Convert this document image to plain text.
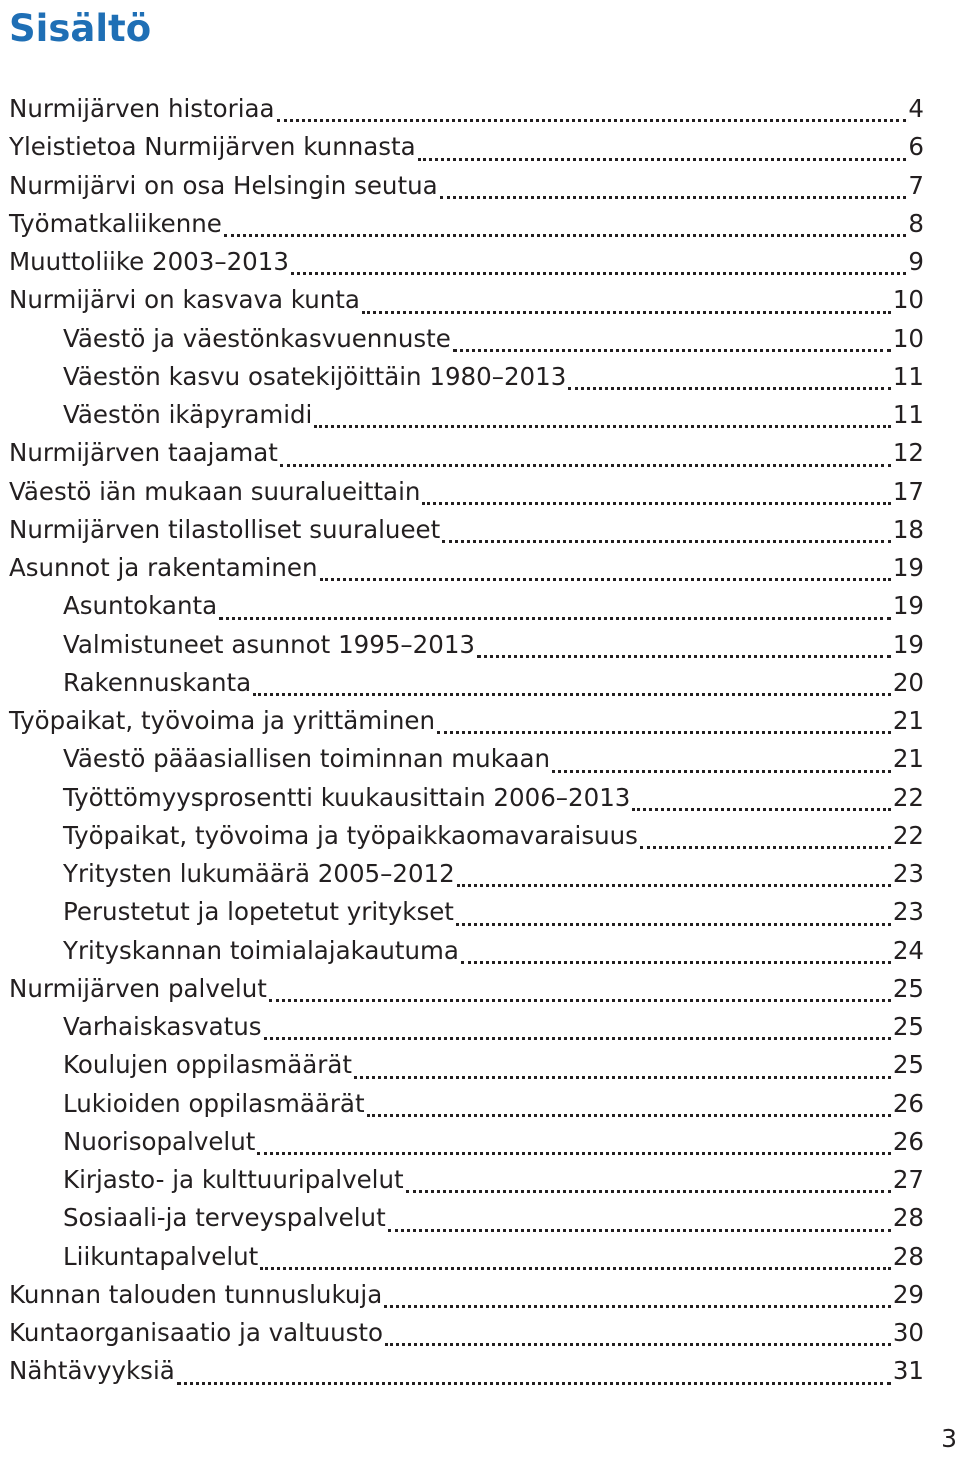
Sisältö
Nurmijärven historiaa	4
Yleistietoa Nurmijärven kunnasta	6
Nurmijärvi on osa Helsingin seutua	7
Työmatkaliikenne	8
Muuttoliike 2003–2013	9
Nurmijärvi on kasvava kunta	10
Väestö ja väestönkasvuennuste	10
Väestön kasvu osatekijöittäin 1980–2013	11
Väestön ikäpyramidi	11
Nurmijärven taajamat	12
Väestö iän mukaan suuralueittain	17
Nurmijärven tilastolliset suuralueet	18
Asunnot ja rakentaminen	19
Asuntokanta	19
Valmistuneet asunnot 1995–2013	19
Rakennuskanta	20
Työpaikat, työvoima ja yrittäminen	21
Väestö pääasiallisen toiminnan mukaan	21
Työttömyysprosentti kuukausittain 2006–2013	22
Työpaikat, työvoima ja työpaikkaomavaraisuus	22
Yritysten lukumäärä 2005–2012	23
Perustetut ja lopetetut yritykset	23
Yrityskannan toimialajakautuma	24
Nurmijärven palvelut	25
Varhaiskasvatus	25
Koulujen oppilasmäärät	25
Lukioiden oppilasmäärät	26
Nuorisopalvelut	26
Kirjasto- ja kulttuuripalvelut	27
Sosiaali-ja terveyspalvelut	28
Liikuntapalvelut	28
Kunnan talouden tunnuslukuja	29
Kuntaorganisaatio ja valtuusto	30
Nähtävyyksiä	31
3
